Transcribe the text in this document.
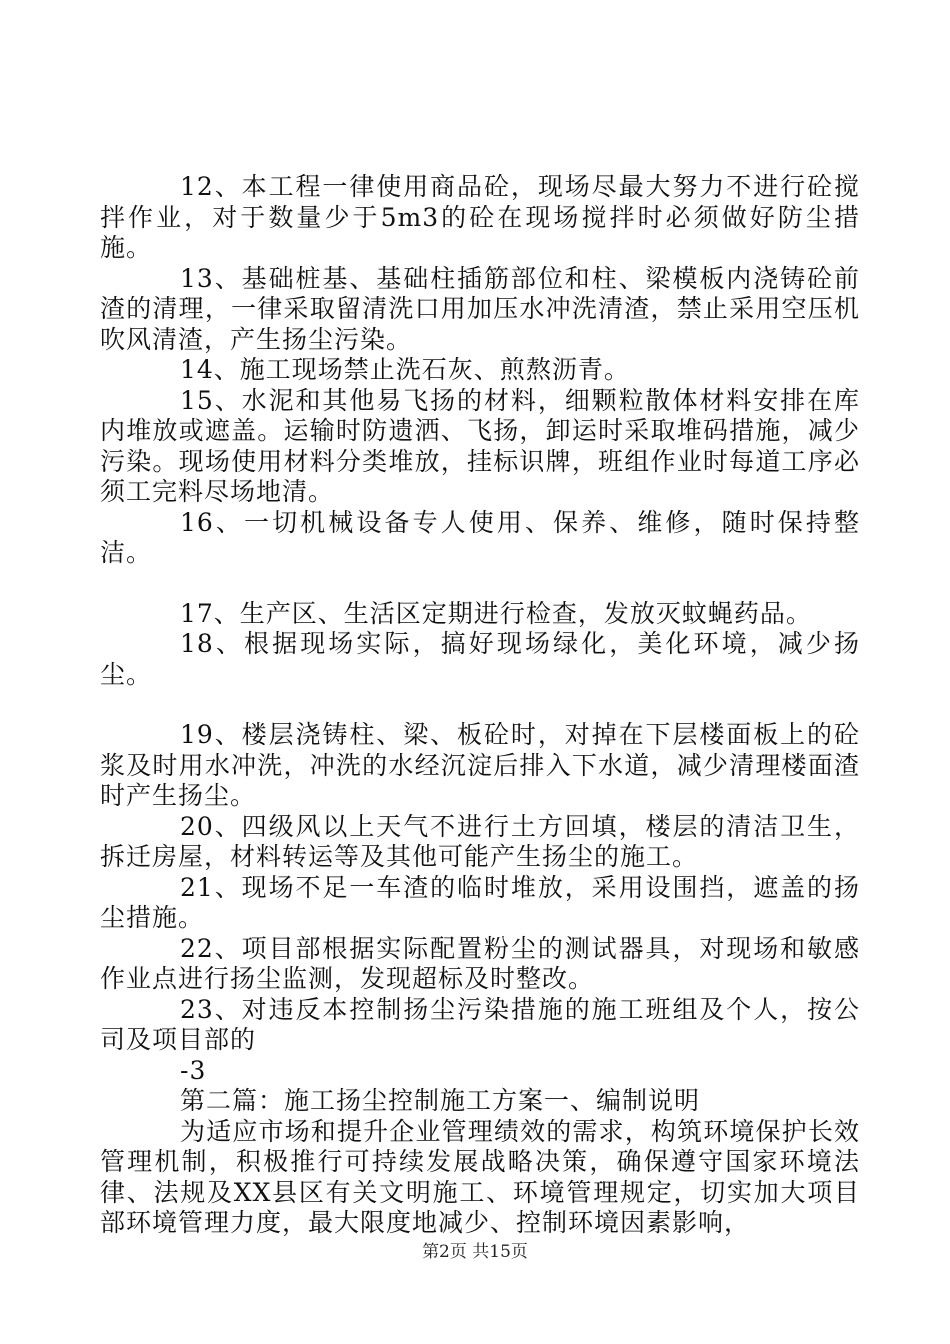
12、本工程一律使用商品砼，现场尽最大努力不进行砼搅拌作业，对于数量少于5m3的砼在现场搅拌时必须做好防尘措施。

13、基础桩基、基础柱插筋部位和柱、梁模板内浇铸砼前渣的清理，一律采取留清洗口用加压水冲洗清渣，禁止采用空压机吹风清渣，产生扬尘污染。

14、施工现场禁止洗石灰、煎熬沥青。

15、水泥和其他易飞扬的材料，细颗粒散体材料安排在库内堆放或遮盖。运输时防遗洒、飞扬，卸运时采取堆码措施，减少污染。现场使用材料分类堆放，挂标识牌，班组作业时每道工序必须工完料尽场地清。

16、一切机械设备专人使用、保养、维修，随时保持整洁。

17、生产区、生活区定期进行检查，发放灭蚊蝇药品。

18、根据现场实际，搞好现场绿化，美化环境，减少扬尘。

19、楼层浇铸柱、梁、板砼时，对掉在下层楼面板上的砼浆及时用水冲洗，冲洗的水经沉淀后排入下水道，减少清理楼面渣时产生扬尘。

20、四级风以上天气不进行土方回填，楼层的清洁卫生，拆迁房屋，材料转运等及其他可能产生扬尘的施工。

21、现场不足一车渣的临时堆放，采用设围挡，遮盖的扬尘措施。

22、项目部根据实际配置粉尘的测试器具，对现场和敏感作业点进行扬尘监测，发现超标及时整改。

23、对违反本控制扬尘污染措施的施工班组及个人，按公司及项目部的

-3

第二篇：施工扬尘控制施工方案一、编制说明

为适应市场和提升企业管理绩效的需求，构筑环境保护长效管理机制，积极推行可持续发展战略决策，确保遵守国家环境法律、法规及XX县区有关文明施工、环境管理规定，切实加大项目部环境管理力度，最大限度地减少、控制环境因素影响，

第2页 共15页
